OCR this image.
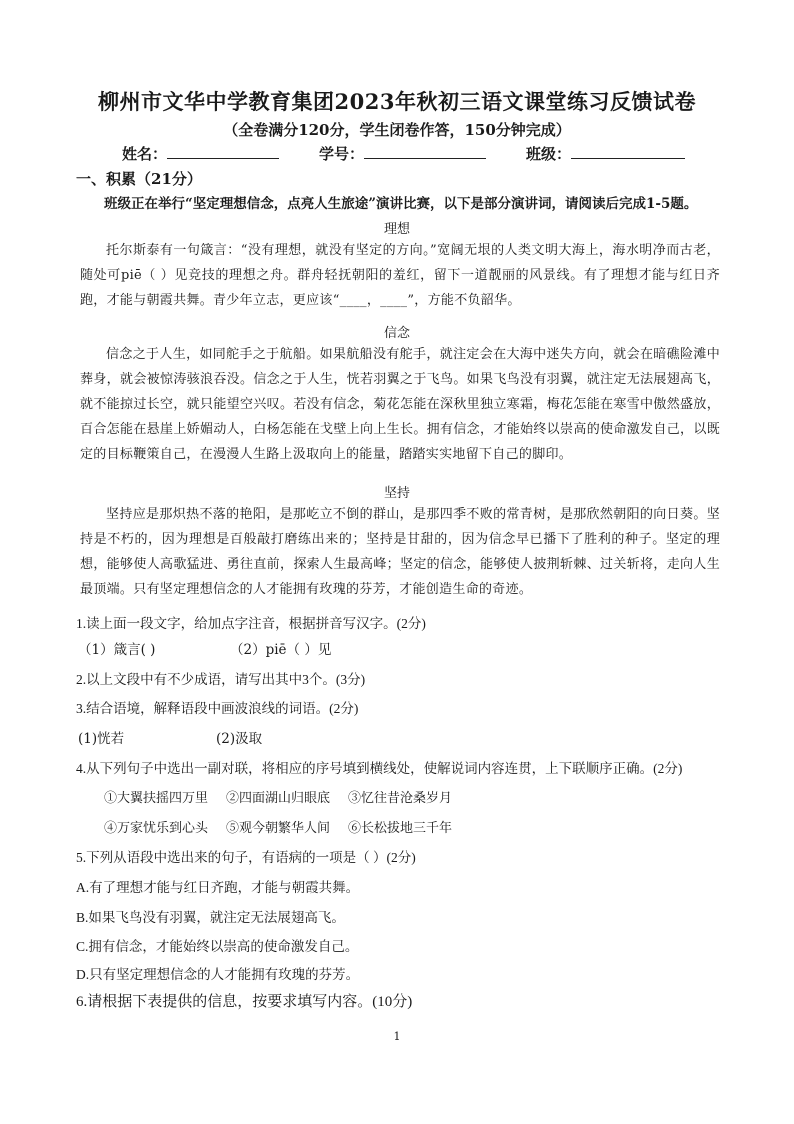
柳州市文华中学教育集团2023年秋初三语文课堂练习反馈试卷
（全卷满分120分，学生闭卷作答，150分钟完成）
姓名：	学号：	班级：
一、积累（21分）
班级正在举行“坚定理想信念，点亮人生旅途”演讲比赛，以下是部分演讲词，请阅读后完成1-5题。
理想
托尔斯泰有一句箴言：“没有理想，就没有坚定的方向。”宽阔无垠的人类文明大海上，海水明净而古老，随处可piē（ ）见竞技的理想之舟。群舟轻抚朝阳的羞红，留下一道靓丽的风景线。有了理想才能与红日齐跑，才能与朝霞共舞。青少年立志，更应该“____，____”，方能不负韶华。
信念
信念之于人生，如同舵手之于航船。如果航船没有舵手，就注定会在大海中迷失方向，就会在暗礁险滩中葬身，就会被惊涛骇浪吞没。信念之于人生，恍若羽翼之于飞鸟。如果飞鸟没有羽翼，就注定无法展翅高飞，就不能掠过长空，就只能望空兴叹。若没有信念，菊花怎能在深秋里独立寒霜，梅花怎能在寒雪中傲然盛放，百合怎能在悬崖上娇媚动人，白杨怎能在戈壁上向上生长。拥有信念，才能始终以崇高的使命激发自己，以既定的目标鞭策自己，在漫漫人生路上汲取向上的能量，踏踏实实地留下自己的脚印。
坚持
坚持应是那炽热不落的艳阳，是那屹立不倒的群山，是那四季不败的常青树，是那欣然朝阳的向日葵。坚持是不朽的，因为理想是百般敲打磨练出来的；坚持是甘甜的，因为信念早已播下了胜利的种子。坚定的理想，能够使人高歌猛进、勇往直前，探索人生最高峰；坚定的信念，能够使人披荆斩棘、过关斩将，走向人生最顶端。只有坚定理想信念的人才能拥有玫瑰的芬芳，才能创造生命的奇迹。
1.读上面一段文字，给加点字注音，根据拼音写汉字。(2分)
（1）箴言( )	（2）piē（ ）见
2.以上文段中有不少成语，请写出其中3个。(3分)
3.结合语境，解释语段中画波浪线的词语。(2分)
(1)恍若	(2)汲取
4.从下列句子中选出一副对联，将相应的序号填到横线处，使解说词内容连贯，上下联顺序正确。(2分)
①大翼扶摇四万里 ②四面湖山归眼底 ③忆往昔沧桑岁月
④万家忧乐到心头 ⑤观今朝繁华人间 ⑥长松拔地三千年
5.下列从语段中选出来的句子，有语病的一项是（ ）(2分)
A.有了理想才能与红日齐跑，才能与朝霞共舞。
B.如果飞鸟没有羽翼，就注定无法展翅高飞。
C.拥有信念，才能始终以崇高的使命激发自己。
D.只有坚定理想信念的人才能拥有玫瑰的芬芳。
6.请根据下表提供的信息，按要求填写内容。(10分)
1
